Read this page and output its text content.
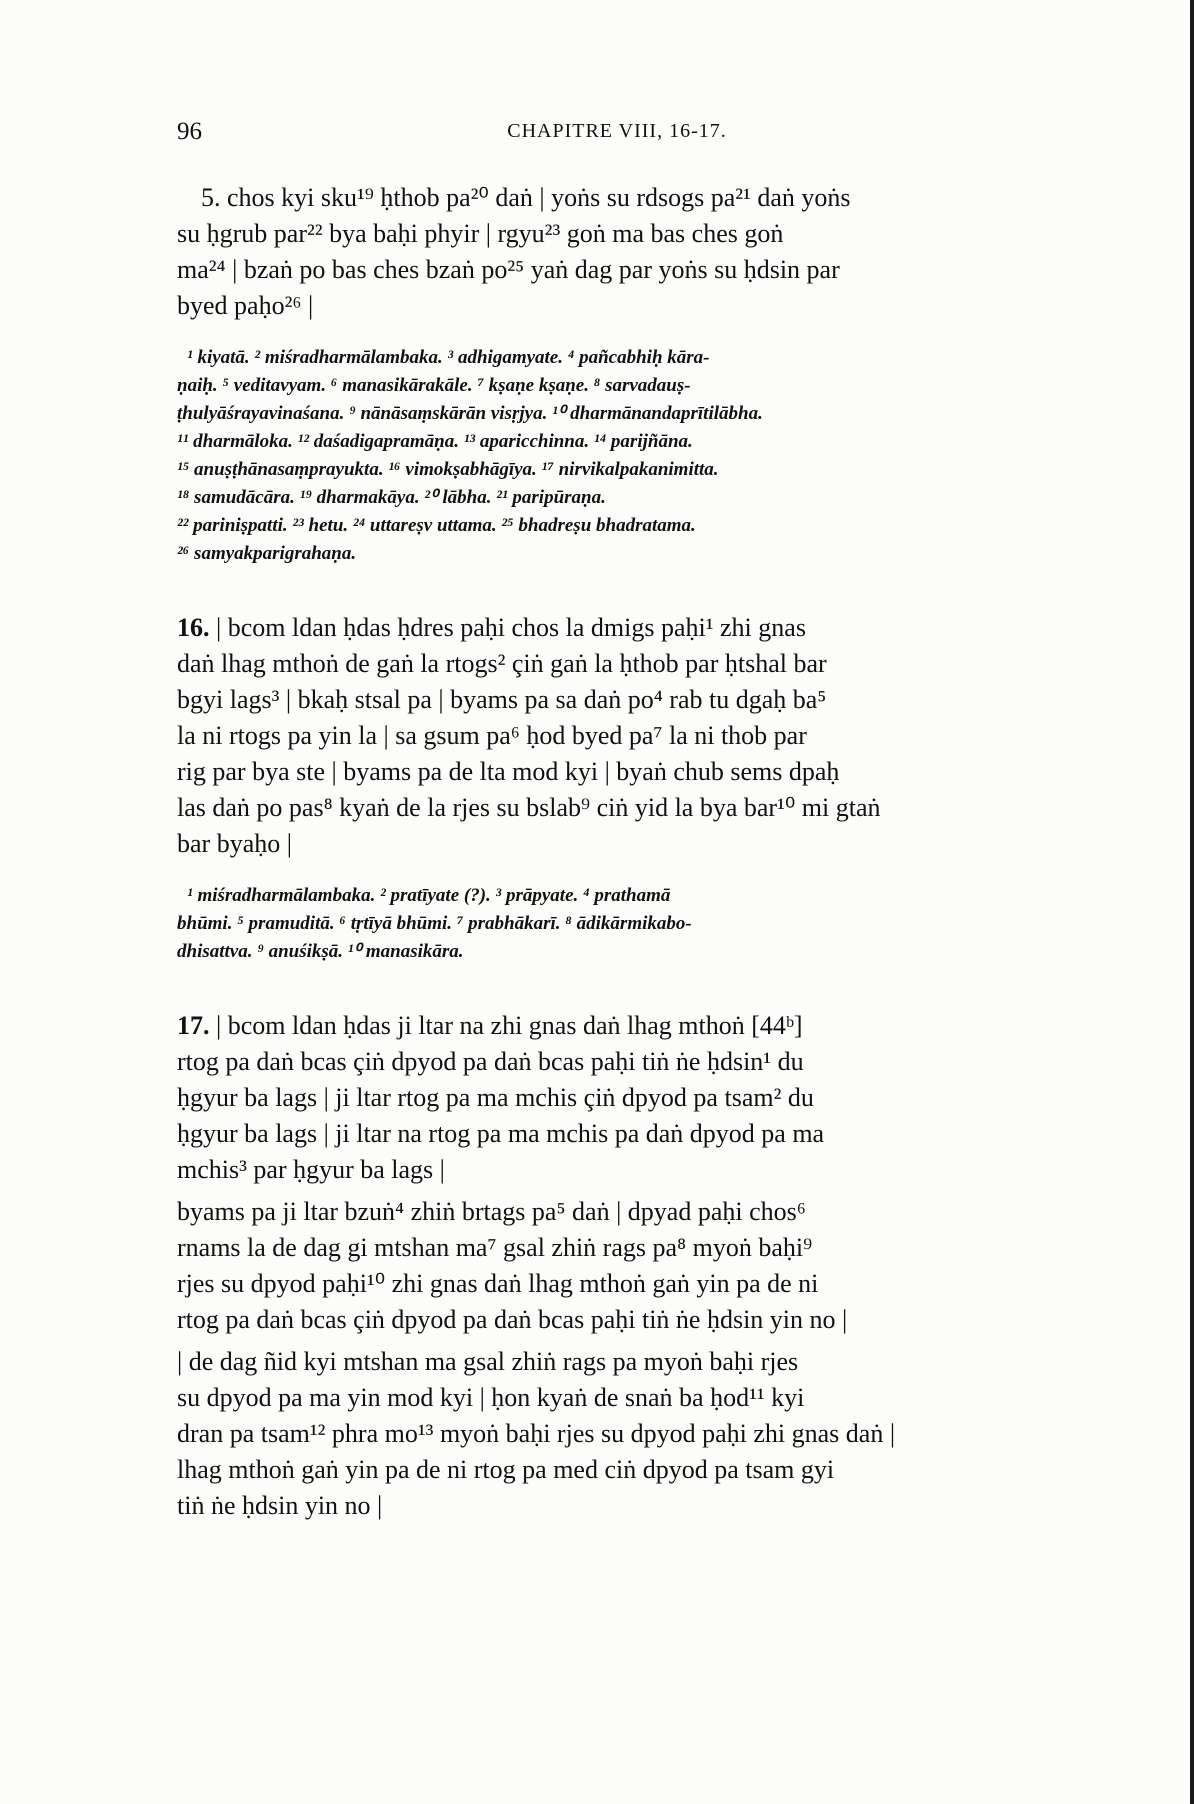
96	CHAPITRE VIII, 16-17.

5. chos kyi sku¹⁹ ḥthob pa²⁰ daṅ | yoṅs su rdsogs pa²¹ daṅ yoṅs
su ḥgrub par²² bya baḥi phyir | rgyu²³ goṅ ma bas ches goṅ
ma²⁴ | bzaṅ po bas ches bzaṅ po²⁵ yaṅ dag par yoṅs su ḥdsin par
byed paḥo²⁶ |

¹ kiyatā. ² miśradharmālambaka. ³ adhigamyate. ⁴ pañcabhiḥ kāra-
ṇaiḥ. ⁵ veditavyam. ⁶ manasikārakāle. ⁷ kṣaṇe kṣaṇe. ⁸ sarvadauṣ-
ṭhulyāśrayavinaśana. ⁹ nānāsaṃskārān visṛjya. ¹⁰ dharmānandaprītilābha.
¹¹ dharmāloka. ¹² daśadigapramāṇa. ¹³ aparicchinna. ¹⁴ parijñāna.
¹⁵ anuṣṭhānasaṃprayukta. ¹⁶ vimokṣabhāgīya. ¹⁷ nirvikalpakanimitta.
¹⁸ samudācāra. ¹⁹ dharmakāya. ²⁰ lābha. ²¹ paripūraṇa.
²² pariniṣpatti. ²³ hetu. ²⁴ uttareṣv uttama. ²⁵ bhadreṣu bhadratama.
²⁶ samyakparigrahaṇa.

16. | bcom ldan ḥdas ḥdres paḥi chos la dmigs paḥi¹ zhi gnas
daṅ lhag mthoṅ de gaṅ la rtogs² çiṅ gaṅ la ḥthob par ḥtshal bar
bgyi lags³ | bkaḥ stsal pa | byams pa sa daṅ po⁴ rab tu dgaḥ ba⁵
la ni rtogs pa yin la | sa gsum pa⁶ ḥod byed pa⁷ la ni thob par
rig par bya ste | byams pa de lta mod kyi | byaṅ chub sems dpaḥ
las daṅ po pas⁸ kyaṅ de la rjes su bslab⁹ ciṅ yid la bya bar¹⁰ mi gtaṅ
bar byaḥo |

¹ miśradharmālambaka. ² pratīyate (?). ³ prāpyate. ⁴ prathamā
bhūmi. ⁵ pramuditā. ⁶ tṛtīyā bhūmi. ⁷ prabhākarī. ⁸ ādikārmikabo-
dhisattva. ⁹ anuśikṣā. ¹⁰ manasikāra.

17. | bcom ldan ḥdas ji ltar na zhi gnas daṅ lhag mthoṅ [44ᵇ]
rtog pa daṅ bcas çiṅ dpyod pa daṅ bcas paḥi tiṅ ṅe ḥdsin¹ du
ḥgyur ba lags | ji ltar rtog pa ma mchis çiṅ dpyod pa tsam² du
ḥgyur ba lags | ji ltar na rtog pa ma mchis pa daṅ dpyod pa ma
mchis³ par ḥgyur ba lags |

byams pa ji ltar bzuṅ⁴ zhiṅ brtags pa⁵ daṅ | dpyad paḥi chos⁶
rnams la de dag gi mtshan ma⁷ gsal zhiṅ rags pa⁸ myoṅ baḥi⁹
rjes su dpyod paḥi¹⁰ zhi gnas daṅ lhag mthoṅ gaṅ yin pa de ni
rtog pa daṅ bcas çiṅ dpyod pa daṅ bcas paḥi tiṅ ṅe ḥdsin yin no |

| de dag ñid kyi mtshan ma gsal zhiṅ rags pa myoṅ baḥi rjes
su dpyod pa ma yin mod kyi | ḥon kyaṅ de snaṅ ba ḥod¹¹ kyi
dran pa tsam¹² phra mo¹³ myoṅ baḥi rjes su dpyod paḥi zhi gnas daṅ |
lhag mthoṅ gaṅ yin pa de ni rtog pa med ciṅ dpyod pa tsam gyi
tiṅ ṅe ḥdsin yin no |
